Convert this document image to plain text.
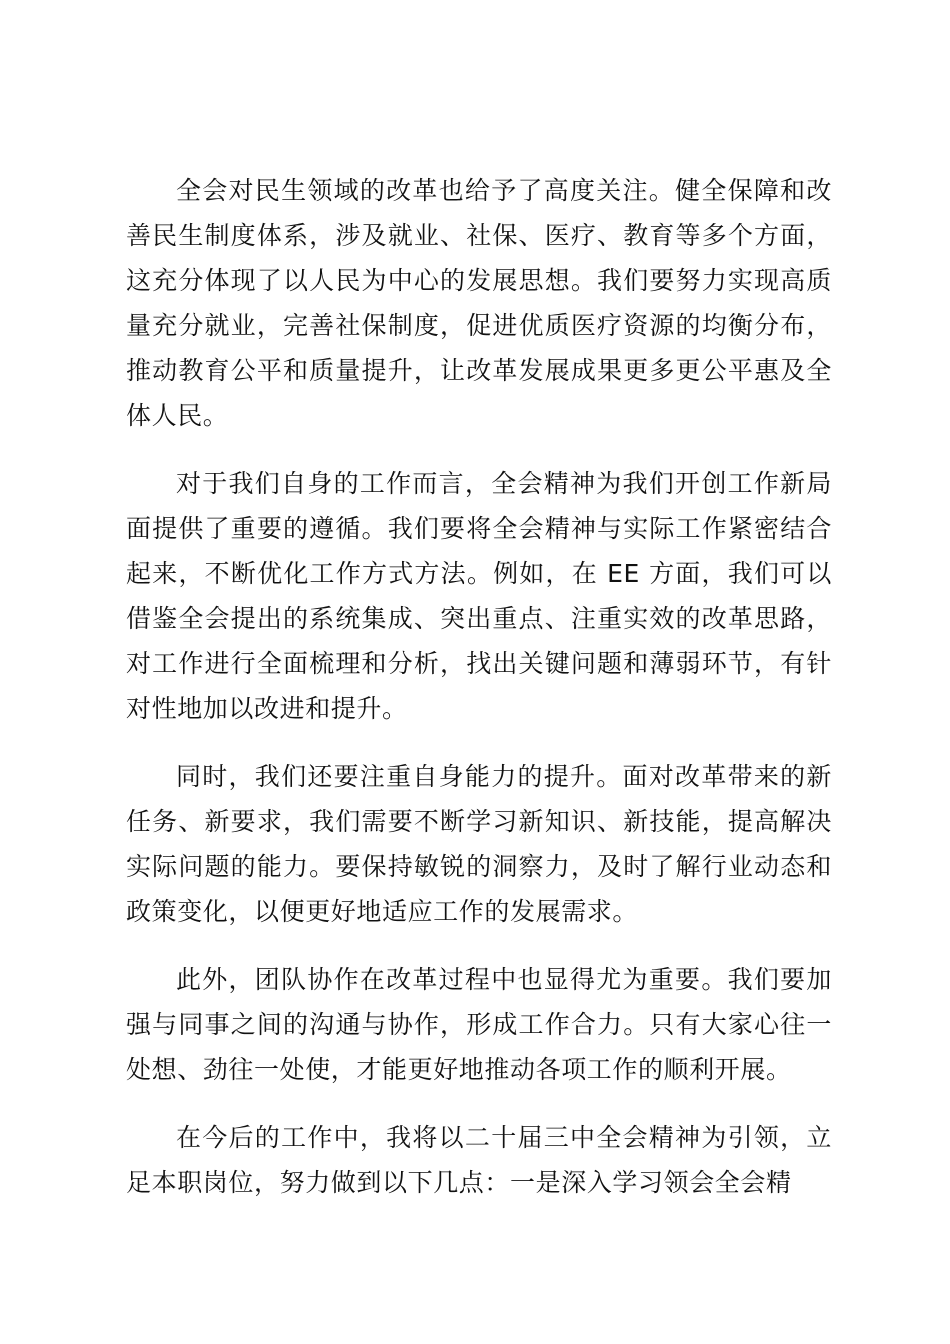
全会对民生领域的改革也给予了高度关注。健全保障和改善民生制度体系，涉及就业、社保、医疗、教育等多个方面，这充分体现了以人民为中心的发展思想。我们要努力实现高质量充分就业，完善社保制度，促进优质医疗资源的均衡分布，推动教育公平和质量提升，让改革发展成果更多更公平惠及全体人民。

对于我们自身的工作而言，全会精神为我们开创工作新局面提供了重要的遵循。我们要将全会精神与实际工作紧密结合起来，不断优化工作方式方法。例如，在 EE 方面，我们可以借鉴全会提出的系统集成、突出重点、注重实效的改革思路，对工作进行全面梳理和分析，找出关键问题和薄弱环节，有针对性地加以改进和提升。

同时，我们还要注重自身能力的提升。面对改革带来的新任务、新要求，我们需要不断学习新知识、新技能，提高解决实际问题的能力。要保持敏锐的洞察力，及时了解行业动态和政策变化，以便更好地适应工作的发展需求。

此外，团队协作在改革过程中也显得尤为重要。我们要加强与同事之间的沟通与协作，形成工作合力。只有大家心往一处想、劲往一处使，才能更好地推动各项工作的顺利开展。

在今后的工作中，我将以二十届三中全会精神为引领，立足本职岗位，努力做到以下几点：一是深入学习领会全会精
